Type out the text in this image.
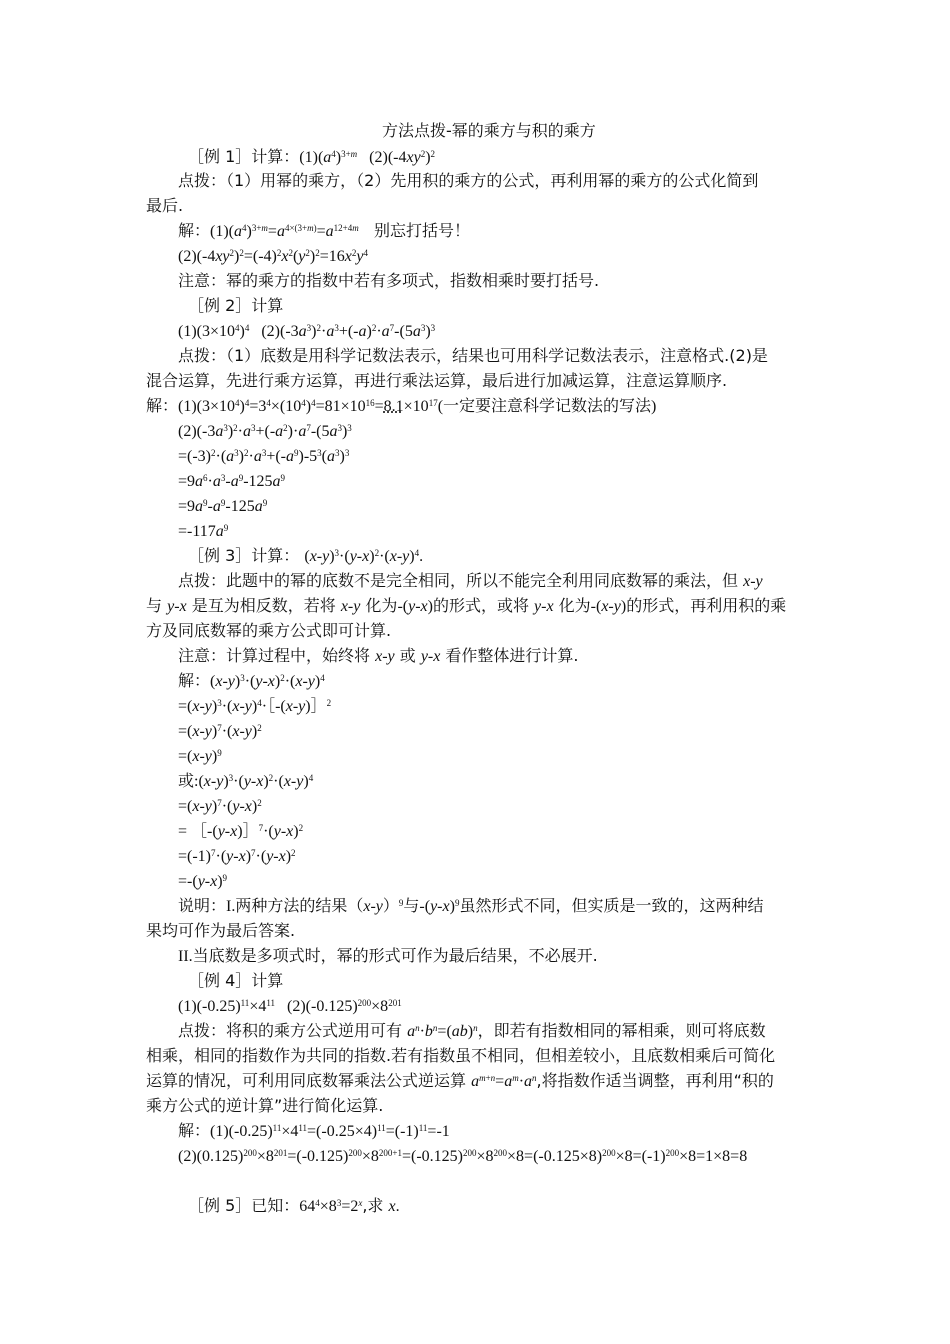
方法点拨-幂的乘方与积的乘方
［例 1］计算：$(1)(a^4)^{3+m}$   $(2)(-4xy^2)^2$
点拨：（1）用幂的乘方，（2）先用积的乘方的公式，再利用幂的乘方的公式化简到
最后.
解：$(1)(a^4)^{3+m}=a^{4\times(3+m)}=a^{12+4m}$   别忘打括号！
$(2)(-4xy^2)^2=(-4)^2x^2(y^2)^2=16x^2y^4$
注意：幂的乘方的指数中若有多项式，指数相乘时要打括号.
［例 2］计算
$(1)(3\times 10^4)^4$   $(2)(-3a^3)^2\cdot a^3+(-a)^2\cdot a^7-(5a^3)^3$
点拨：（1）底数是用科学记数法表示，结果也可用科学记数法表示，注意格式.(2)是
混合运算，先进行乘方运算，再进行乘法运算，最后进行加减运算，注意运算顺序.
解：$(1)(3\times 10^4)^4=3^4\times(10^4)^4=81\times 10^{16}=8.1\times 10^{17}$(一定要注意科学记数法的写法)
$(2)(-3a^3)^2\cdot a^3+(-a^2)\cdot a^7-(5a^3)^3$
$=(-3)^2\cdot(a^3)^2\cdot a^3+(-a^9)-5^3(a^3)^3$
$=9a^6\cdot a^3-a^9-125a^9$
$=9a^9-a^9-125a^9$
$=-117a^9$
［例 3］计算： $(x-y)^3\cdot(y-x)^2\cdot(x-y)^4$.
点拨：此题中的幂的底数不是完全相同，所以不能完全利用同底数幂的乘法，但 x-y
与 y-x 是互为相反数，若将 x-y 化为-(y-x)的形式，或将 y-x 化为-(x-y)的形式，再利用积的乘
方及同底数幂的乘方公式即可计算.
注意：计算过程中，始终将 x-y 或 y-x 看作整体进行计算.
解：$(x-y)^3\cdot(y-x)^2\cdot(x-y)^4$
$=(x-y)^3\cdot(x-y)^4\cdot[-(x-y)]^2$
$=(x-y)^7\cdot(x-y)^2$
$=(x-y)^9$
或$:(x-y)^3\cdot(y-x)^2\cdot(x-y)^4$
$=(x-y)^7\cdot(y-x)^2$
= $[-(y-x)]^7\cdot(y-x)^2$
$=(-1)^7\cdot(y-x)^7\cdot(y-x)^2$
$=-(y-x)^9$
说明：I.两种方法的结果$(x-y)^9$与$-(y-x)^9$虽然形式不同，但实质是一致的，这两种结
果均可作为最后答案.
II.当底数是多项式时，幂的形式可作为最后结果，不必展开.
［例 4］计算
$(1)(-0.25)^{11}\times 4^{11}$   $(2)(-0.125)^{200}\times 8^{201}$
点拨：将积的乘方公式逆用可有 $a^n\cdot b^n=(ab)^n$，即若有指数相同的幂相乘，则可将底数
相乘，相同的指数作为共同的指数.若有指数虽不相同，但相差较小，且底数相乘后可简化
运算的情况，可利用同底数幂乘法公式逆运算 $a^{m+n}=a^m\cdot a^n$,将指数作适当调整，再利用“积的
乘方公式的逆计算”进行简化运算.
解：$(1)(-0.25)^{11}\times 4^{11}=(-0.25\times 4)^{11}=(-1)^{11}=-1$
$(2)(0.125)^{200}\times 8^{201}=(-0.125)^{200}\times 8^{200+1}=(-0.125)^{200}\times 8^{200}\times 8=(-0.125\times 8)^{200}\times 8=(-1)^{200}\times 8=1\times 8=8$
［例 5］已知：$64^4\times 8^3=2^x$,求 x.
